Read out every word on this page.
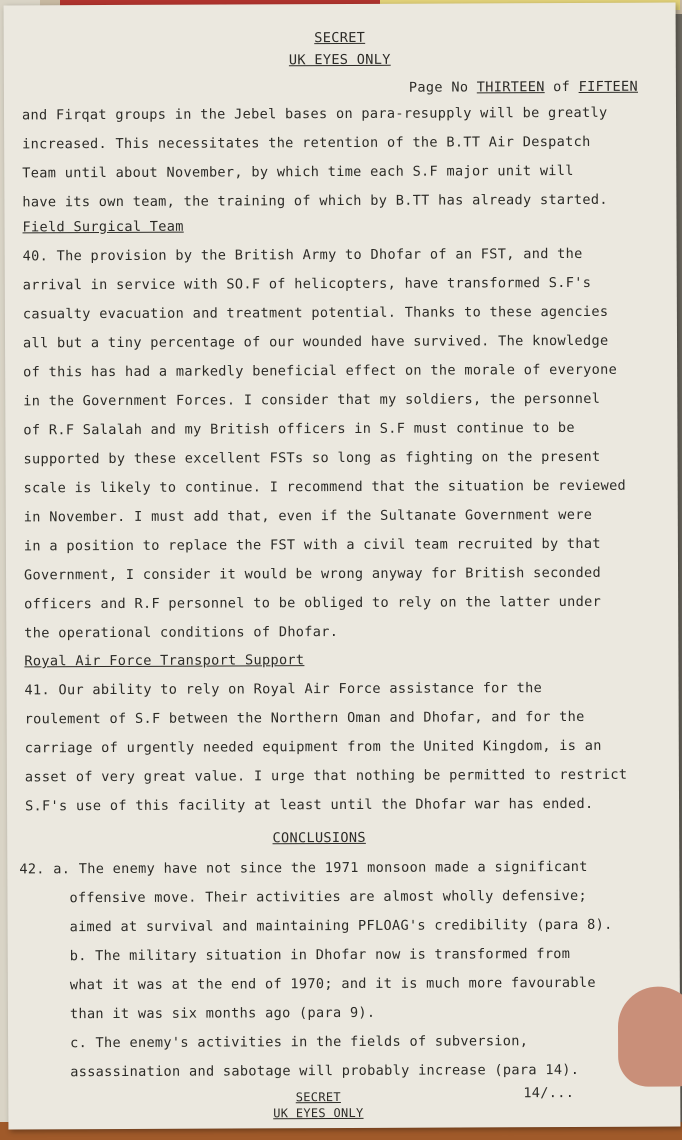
SECRET
UK EYES ONLY
Page No THIRTEEN of FIFTEEN
and Firqat groups in the Jebel bases on para-resupply will be greatly
increased. This necessitates the retention of the B.TT Air Despatch
Team until about November, by which time each S.F major unit will
have its own team, the training of which by B.TT has already started.
Field Surgical Team
40. The provision by the British Army to Dhofar of an FST, and the
arrival in service with SO.F of helicopters, have transformed S.F's
casualty evacuation and treatment potential. Thanks to these agencies
all but a tiny percentage of our wounded have survived. The knowledge
of this has had a markedly beneficial effect on the morale of everyone
in the Government Forces. I consider that my soldiers, the personnel
of R.F Salalah and my British officers in S.F must continue to be
supported by these excellent FSTs so long as fighting on the present
scale is likely to continue. I recommend that the situation be reviewed
in November. I must add that, even if the Sultanate Government were
in a position to replace the FST with a civil team recruited by that
Government, I consider it would be wrong anyway for British seconded
officers and R.F personnel to be obliged to rely on the latter under
the operational conditions of Dhofar.
Royal Air Force Transport Support
41. Our ability to rely on Royal Air Force assistance for the
roulement of S.F between the Northern Oman and Dhofar, and for the
carriage of urgently needed equipment from the United Kingdom, is an
asset of very great value. I urge that nothing be permitted to restrict
S.F's use of this facility at least until the Dhofar war has ended.
CONCLUSIONS
42. a. The enemy have not since the 1971 monsoon made a significant
offensive move. Their activities are almost wholly defensive;
aimed at survival and maintaining PFLOAG's credibility (para 8).
b. The military situation in Dhofar now is transformed from
what it was at the end of 1970; and it is much more favourable
than it was six months ago (para 9).
c. The enemy's activities in the fields of subversion,
assassination and sabotage will probably increase (para 14).
14/...
SECRET
UK EYES ONLY
